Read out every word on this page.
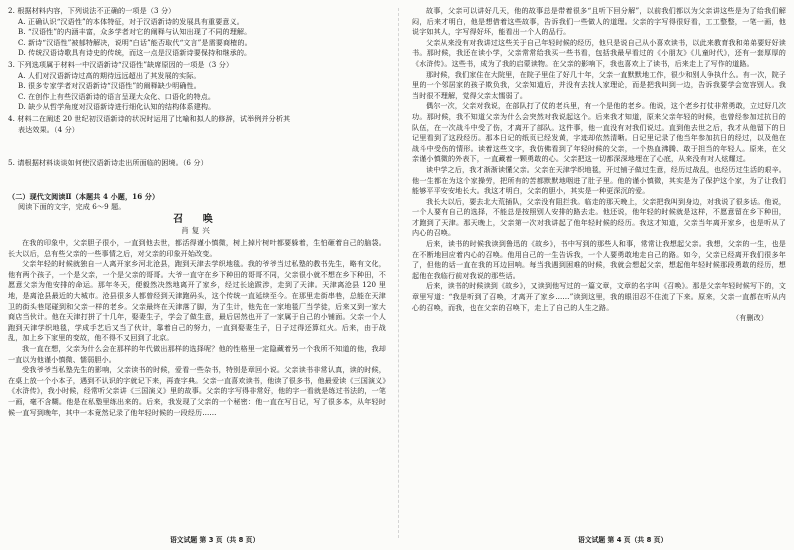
2. 根据材料内容，下列说法不正确的一项是（3 分）
A. 正确认识“汉语性”的本体特征，对于汉语新诗的发展具有重要意义。
B. “汉语性”的内涵丰富，众多学者对它的阐释与认知出现了不同的理解。
C. 新诗“汉语性”被郁特解决，说明“白话”能否取代“文言”是需要商榷的。
D. 传统汉语诗歌具有诗史的传统，而这一点是汉语新诗要保持和继承的。
3. 下列选项属于材料一中汉语新诗“汉语性”缺席原因的一项是（3 分）
A. 人们对汉语新诗过高的期待远远超出了其发展的实际。
B. 很多专家学者对汉语新诗“汉语性”的阐释缺少明确性。
C. 在创作上有些汉语新诗的语言呈现大众化、口语化的特点。
D. 缺少从哲学角度对汉语新诗进行细化认知的结构体系建构。
4. 材料二在阐述 20 世纪初汉语新诗的状况时运用了比喻和拟人的修辞，试举例并分析其
表达效果。（4 分）
5. 请根据材料谈谈如何使汉语新诗走出所面临的困境。（6 分）
（二）现代文阅读Ⅱ（本题共 4 小题，16 分）
阅读下面的文字，完成 6～9 题。
召 唤
肖复兴
在我的印象中，父亲胆子很小，一直到他去世，都活得谨小慎微，树上掉片树叶都要躲着，生怕砸着自己的脑袋。长大以后，总有些父亲的一些事情之后，对父亲的印象开始改变。
父亲年轻的时候就独自一人离开家乡河北沧县，跑到天津去学织地毯。我的爷爷当过私塾的教书先生，略有文化，他有两个孩子，一个是父亲，一个是父亲的哥哥。大爷一直守在乡下种田的哥哥不同，父亲很小就不想在乡下种田，不愿意父亲为他安排的命运。那年冬天，便毅然决然地离开了家乡，经过长途跋涉，走到了天津。天津离沧县 120 里地，是离沧县最近的大城市。沧县很多人都曾经到天津跑码头，这个传统一直延续至今。在那里走街串巷，总能在天津卫的街头巷尾碰到和父亲一样的老乡。父亲最终在天津落了脚，为了生计，他先在一家地毯厂当学徒，后来又到一家大商店当伙计。他在天津打拼了十几年，娶妻生子，学会了做生意，最后居然也开了一家属于自己的小铺面。父亲一个人跑到天津学织地毯，学成手艺后又当了伙计，靠着自己的努力，一直到娶妻生子，日子过得还算红火。后来，由于战乱，加上乡下家里的变故，他不得不又回到了北京。
我一直在想，父亲为什么会在那样的年代做出那样的选择呢？他的性格里一定隐藏着另一个我所不知道的他，我却一直以为他谨小慎微、懦弱胆小。
受我爷爷当私塾先生的影响，父亲读书的时候，爱看一些杂书，特别是章回小说。父亲读书非常认真，读的时候，在桌上放一个小本子，遇到不认识的字就记下来，再查字典。父亲一直喜欢读书，他读了很多书，他最爱读《三国演义》《水浒传》，我小时候，经常听父亲讲《三国演义》里的故事。父亲的字写得非常好，他的字一看就是练过书法的，一笔一画，毫不含糊。他是在私塾里练出来的。后来，我发现了父亲的一个秘密：他一直在写日记，写了很多本，从年轻时候一直写到晚年，其中一本竟然记录了他年轻时候的一段经历……
故事，父亲可以讲好几天，他的故事总是带着很多“且听下回分解”，以前我们都以为父亲讲这些是为了给我们解闷，后来才明白，他是想借着这些故事，告诉我们一些做人的道理。父亲的字写得很好看，工工整整，一笔一画，他说字如其人，字写得好坏，能看出一个人的品行。
父亲从来没有对我讲过这些关于自己年轻时候的经历，他只是说自己从小喜欢读书，以此来教育我和弟弟要好好读书。那时候，我还在读小学，父亲常常给我买一些书看，包括我最早看过的《小朋友》《儿童时代》，还有一套厚厚的《水浒传》。这些书，成为了我的启蒙读物。在父亲的影响下，我也喜欢上了读书，后来走上了写作的道路。
那时候，我们家住在大院里，在院子里住了好几十年，父亲一直默默地工作，很少和别人争执什么。有一次，院子里的一个邻居家的孩子欺负我，父亲知道后，并没有去找人家理论，而是把我叫到一边，告诉我要学会宽容别人。我当时很不理解，觉得父亲太懦弱了。
偶尔一次，父亲对我说，在部队打了仗的老兵里，有一个是他的老乡。他说，这个老乡打仗非常勇敢，立过好几次功。那时候，我不知道父亲为什么会突然对我说起这个。后来我才知道，原来父亲年轻的时候，也曾经参加过抗日的队伍，在一次战斗中受了伤，才离开了部队。这件事，他一直没有对我们说过。直到他去世之后，我才从他留下的日记里看到了这段经历。那本日记的纸页已经发黄，字迹却依然清晰。日记里记录了他当年参加抗日的经过，以及他在战斗中受伤的情形。读着这些文字，我仿佛看到了年轻时候的父亲，一个热血沸腾、敢于担当的年轻人。原来，在父亲谨小慎微的外表下，一直藏着一颗勇敢的心。父亲把这一切都深深地埋在了心底，从来没有对人炫耀过。
读中学之后，我才渐渐读懂父亲。父亲在天津学织地毯，开过铺子做过生意，经历过战乱，也经历过生活的艰辛。他一生都在为这个家操劳，把所有的苦都默默地咽进了肚子里。他的谨小慎微，其实是为了保护这个家，为了让我们能够平平安安地长大。我这才明白，父亲的胆小，其实是一种更深沉的爱。
我长大以后，要去北大荒插队，父亲没有阻拦我。临走的那天晚上，父亲把我叫到身边，对我说了很多话。他说，一个人要有自己的选择，不能总是按照别人安排的路去走。他还说，他年轻的时候就是这样，不愿意留在乡下种田，才跑到了天津。那天晚上，父亲第一次对我讲起了他年轻时候的经历。我这才知道，父亲当年离开家乡，也是听从了内心的召唤。
后来，读书的时候我读到鲁迅的《故乡》，书中写到的那些人和事，常常让我想起父亲。我想，父亲的一生，也是在不断地回应着内心的召唤。他用自己的一生告诉我，一个人要勇敢地走自己的路。如今，父亲已经离开我们很多年了，但他的话一直在我的耳边回响。每当我遇到困难的时候，我就会想起父亲，想起他年轻时候那段勇敢的经历，想起他在我临行前对我说的那些话。
后来，读书的时候读到《故乡》，又读到他写过的一篇文章，文章的名字叫《召唤》。那是父亲年轻时候写下的，文章里写道：“我是听到了召唤，才离开了家乡……”读到这里，我的眼泪忍不住流了下来。原来，父亲一直都在听从内心的召唤，而我，也在父亲的召唤下，走上了自己的人生之路。
（有删改）
语文试题 第 3 页（共 8 页）	语文试题 第 4 页（共 8 页）
